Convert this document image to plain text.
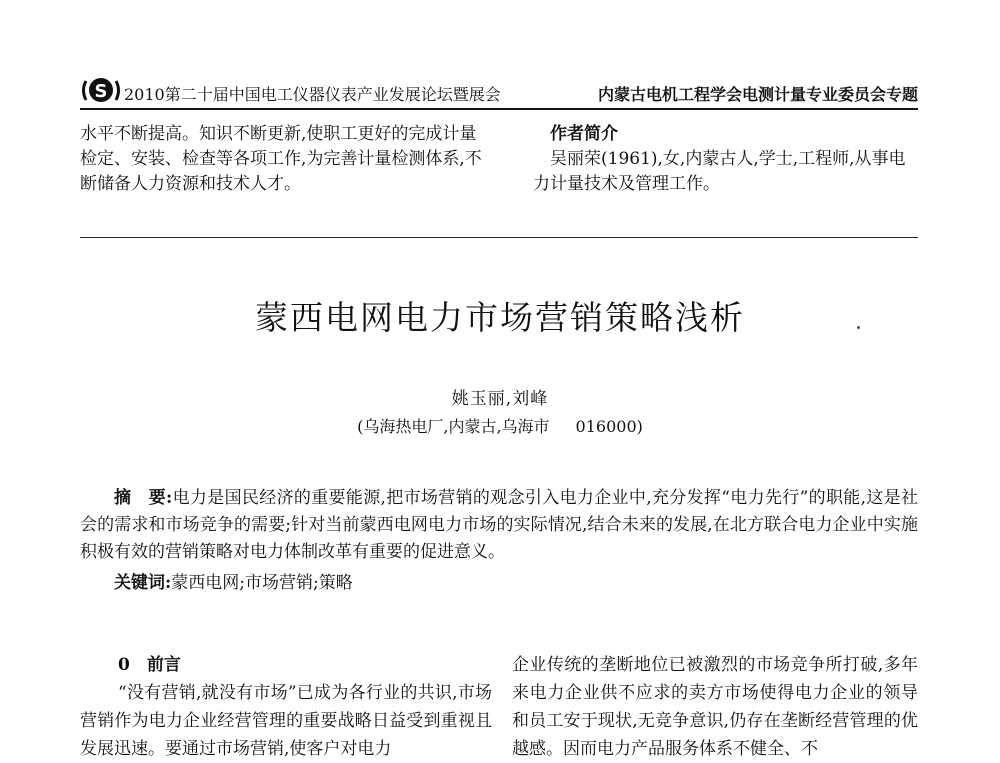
S 2010第二十届中国电工仪器仪表产业发展论坛暨展会	内蒙古电机工程学会电测计量专业委员会专题
水平不断提高。知识不断更新,使职工更好的完成计量检定、安装、检查等各项工作,为完善计量检测体系,不断储备人力资源和技术人才。
作者简介
吴丽荣(1961),女,内蒙古人,学士,工程师,从事电力计量技术及管理工作。
蒙西电网电力市场营销策略浅析
姚玉丽,刘峰
(乌海热电厂,内蒙古,乌海市 016000)
摘　要:电力是国民经济的重要能源,把市场营销的观念引入电力企业中,充分发挥“电力先行”的职能,这是社会的需求和市场竞争的需要;针对当前蒙西电网电力市场的实际情况,结合未来的发展,在北方联合电力企业中实施积极有效的营销策略对电力体制改革有重要的促进意义。
关键词:蒙西电网;市场营销;策略
0　前言
“没有营销,就没有市场”已成为各行业的共识,市场营销作为电力企业经营管理的重要战略日益受到重视且发展迅速。要通过市场营销,使客户对电力
企业传统的垄断地位已被激烈的市场竞争所打破,多年来电力企业供不应求的卖方市场使得电力企业的领导和员工安于现状,无竞争意识,仍存在垄断经营管理的优越感。因而电力产品服务体系不健全、不
